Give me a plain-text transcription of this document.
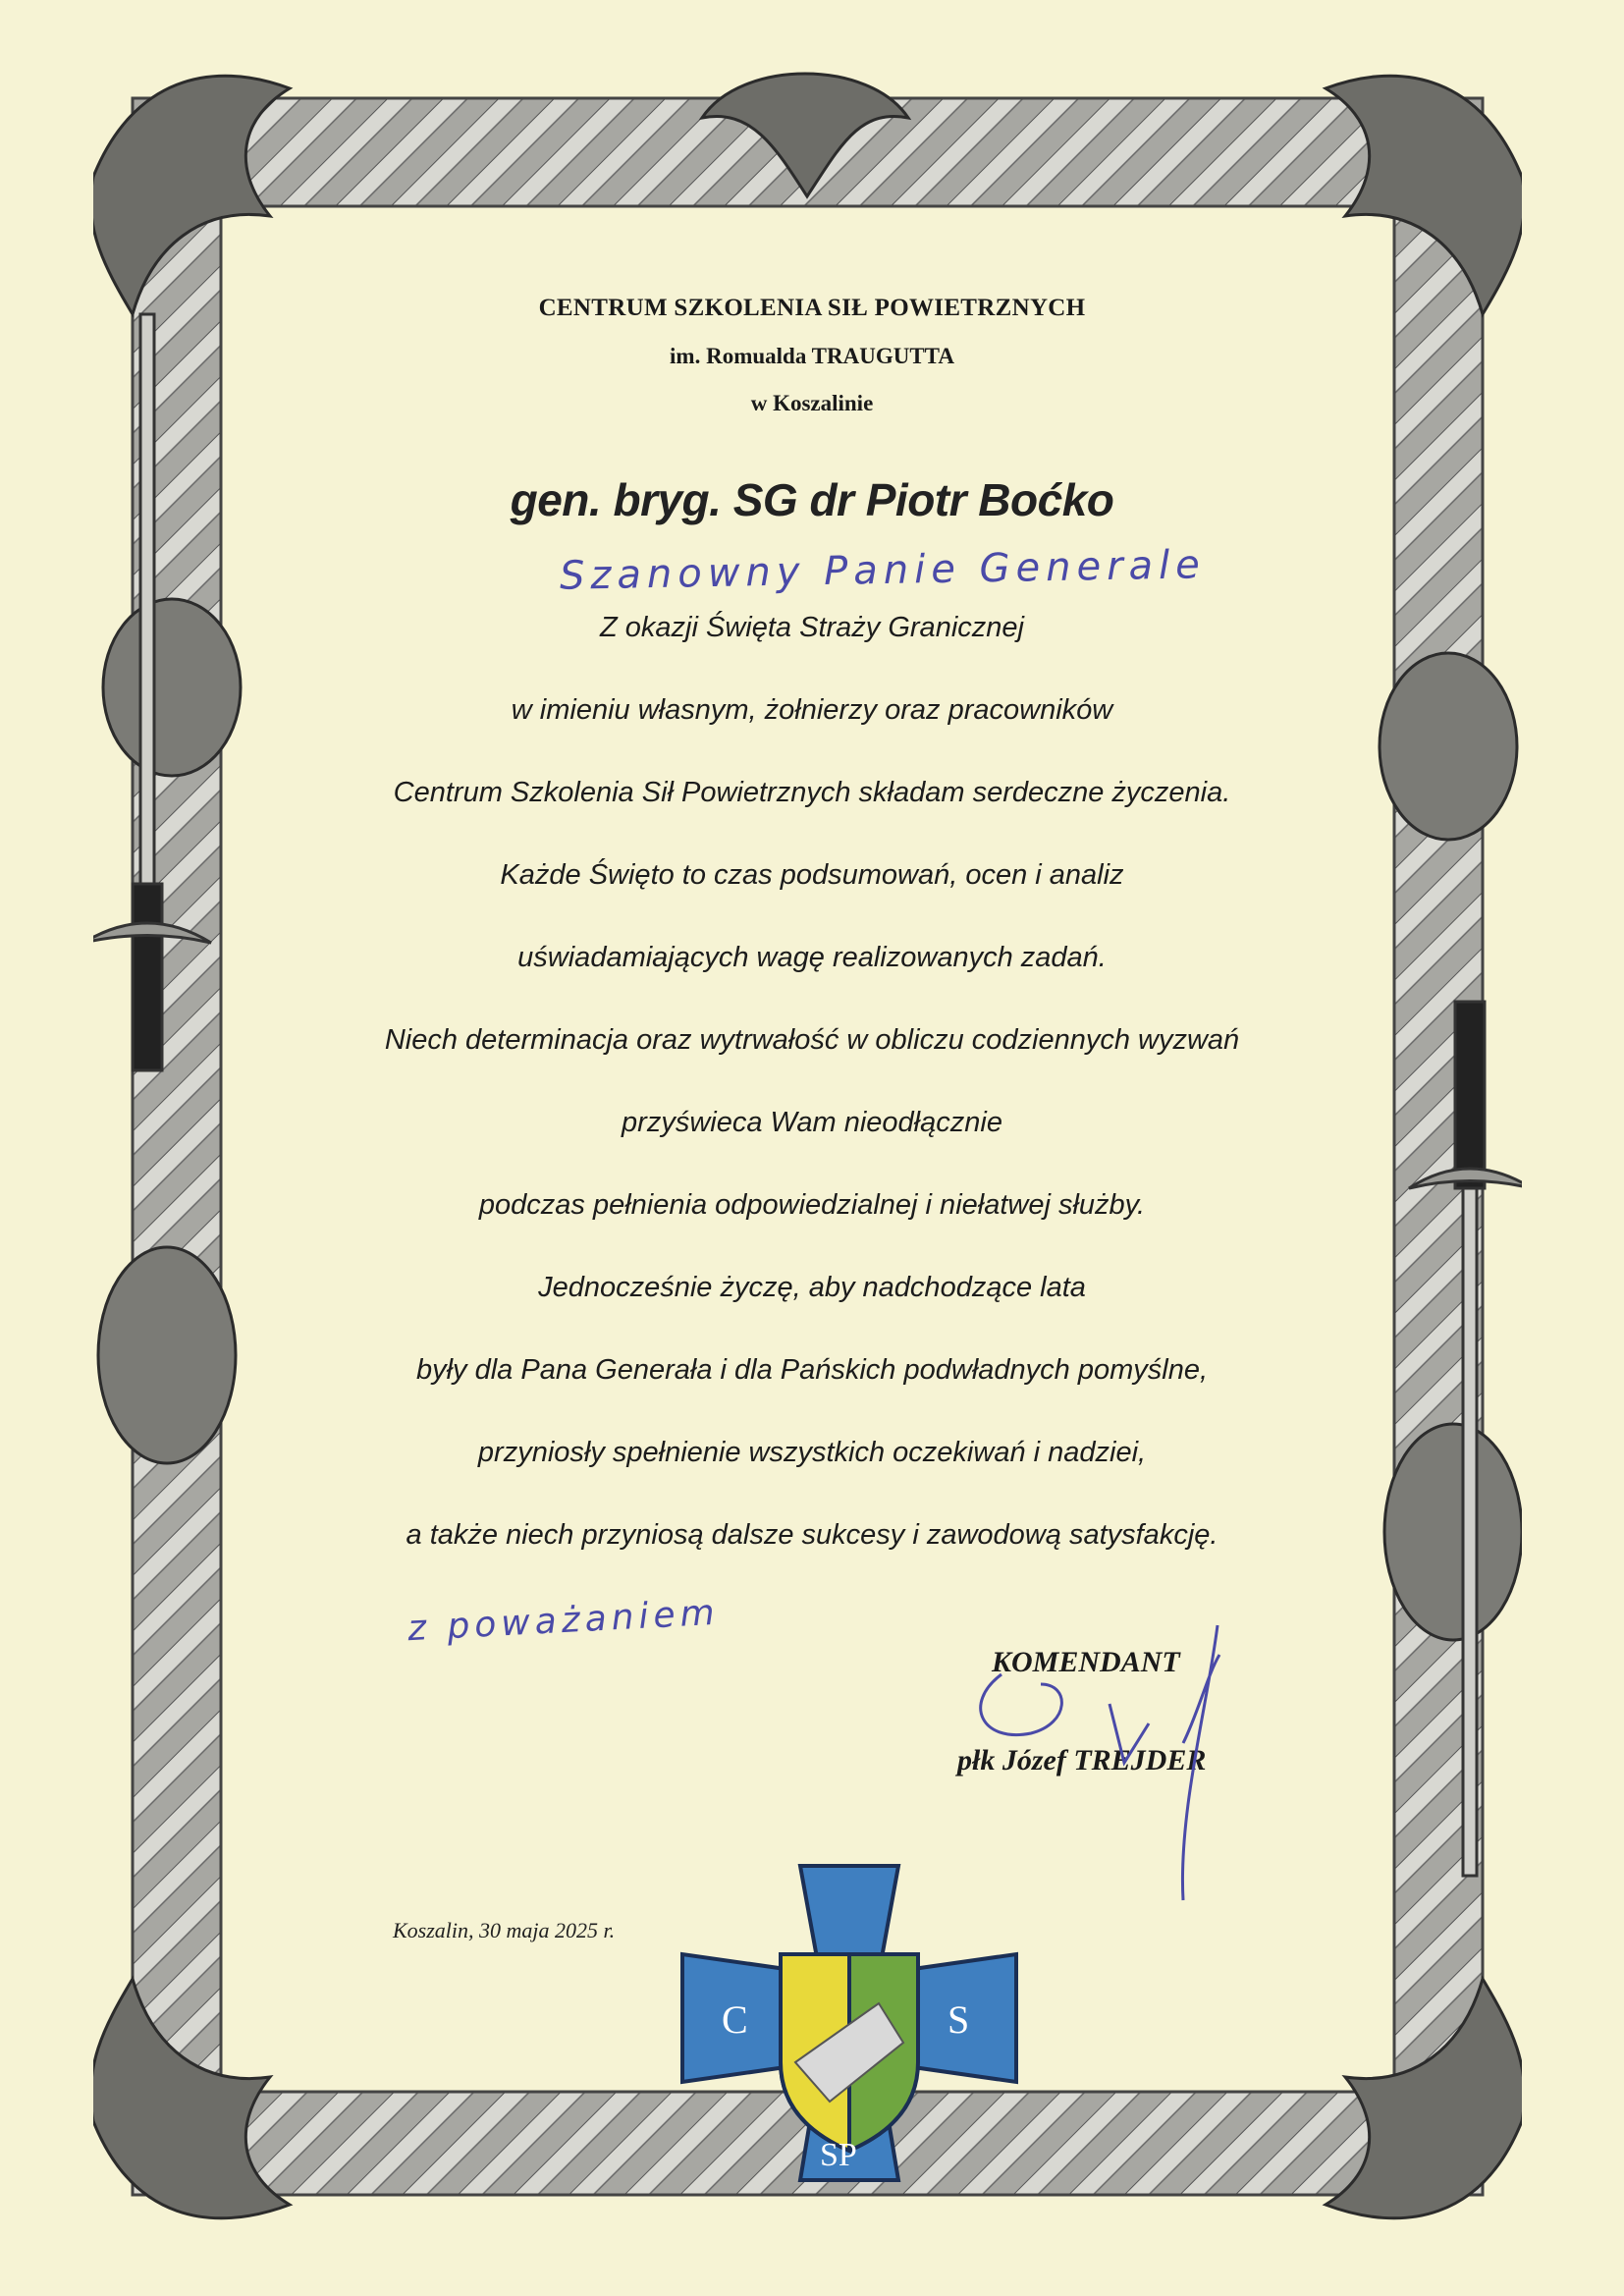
CENTRUM SZKOLENIA SIŁ POWIETRZNYCH
im. Romualda TRAUGUTTA
w Koszalinie
gen. bryg. SG dr Piotr Boćko
Szanowny Panie Generale
Z okazji Święta Straży Granicznej
w imieniu własnym, żołnierzy oraz pracowników
Centrum Szkolenia Sił Powietrznych składam serdeczne życzenia.
Każde Święto to czas podsumowań, ocen i analiz
uświadamiających wagę realizowanych zadań.
Niech determinacja oraz wytrwałość w obliczu codziennych wyzwań
przyświeca Wam nieodłącznie
podczas pełnienia odpowiedzialnej i niełatwej służby.
Jednocześnie życzę, aby nadchodzące lata
były dla Pana Generała i dla Pańskich podwładnych pomyślne,
przyniosły spełnienie wszystkich oczekiwań i nadziei,
a także niech przyniosą dalsze sukcesy i zawodową satysfakcję.
z poważaniem
KOMENDANT
płk Józef TREJDER
Koszalin, 30 maja 2025 r.
C	S
SP
